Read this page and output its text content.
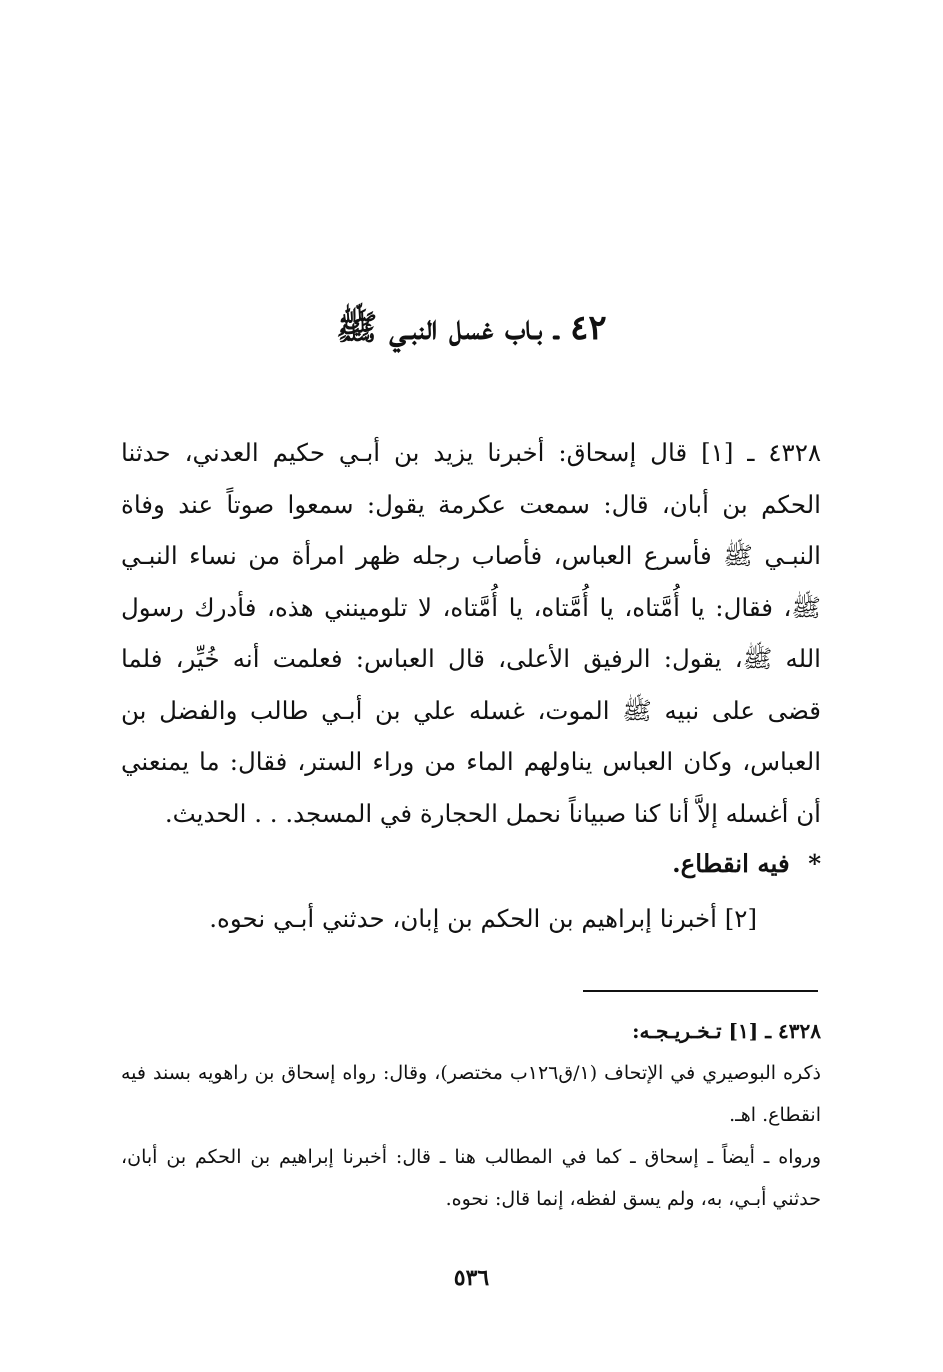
٤٢ ـ بـاب غسل النبـي ﷺ

٤٣٢٨ ـ [١] قال إسحاق: أخبرنا يزيد بن أبـي حكيم العدني، حدثنا الحكم بن أبان، قال: سمعت عكرمة يقول: سمعوا صوتاً عند وفاة النبـي ﷺ فأسرع العباس، فأصاب رجله ظهر امرأة من نساء النبـي ﷺ، فقال: يا أُمَّتاه، يا أُمَّتاه، يا أُمَّتاه، لا تلومينني هذه، فأدرك رسول الله ﷺ، يقول: الرفيق الأعلى، قال العباس: فعلمت أنه خُيِّر، فلما قضى على نبيه ﷺ الموت، غسله علي بن أبـي طالب والفضل بن العباس، وكان العباس يناولهم الماء من وراء الستر، فقال: ما يمنعني أن أغسله إلاَّ أنا كنا صبياناً نحمل الحجارة في المسجد. . . الحديث.

* فيه انقطاع.
[٢] أخبرنا إبراهيم بن الحكم بن إبان، حدثني أبـي نحوه.

٤٣٢٨ ـ [١] تـخـريـجـه:

ذكره البوصيري في الإتحاف (١/ق١٢٦ب مختصر)، وقال: رواه إسحاق بن راهويه بسند فيه انقطاع. اهـ.

ورواه ـ أيضاً ـ إسحاق ـ كما في المطالب هنا ـ قال: أخبرنا إبراهيم بن الحكم بن أبان، حدثني أبـي، به، ولم يسق لفظه، إنما قال: نحوه.

٥٣٦
